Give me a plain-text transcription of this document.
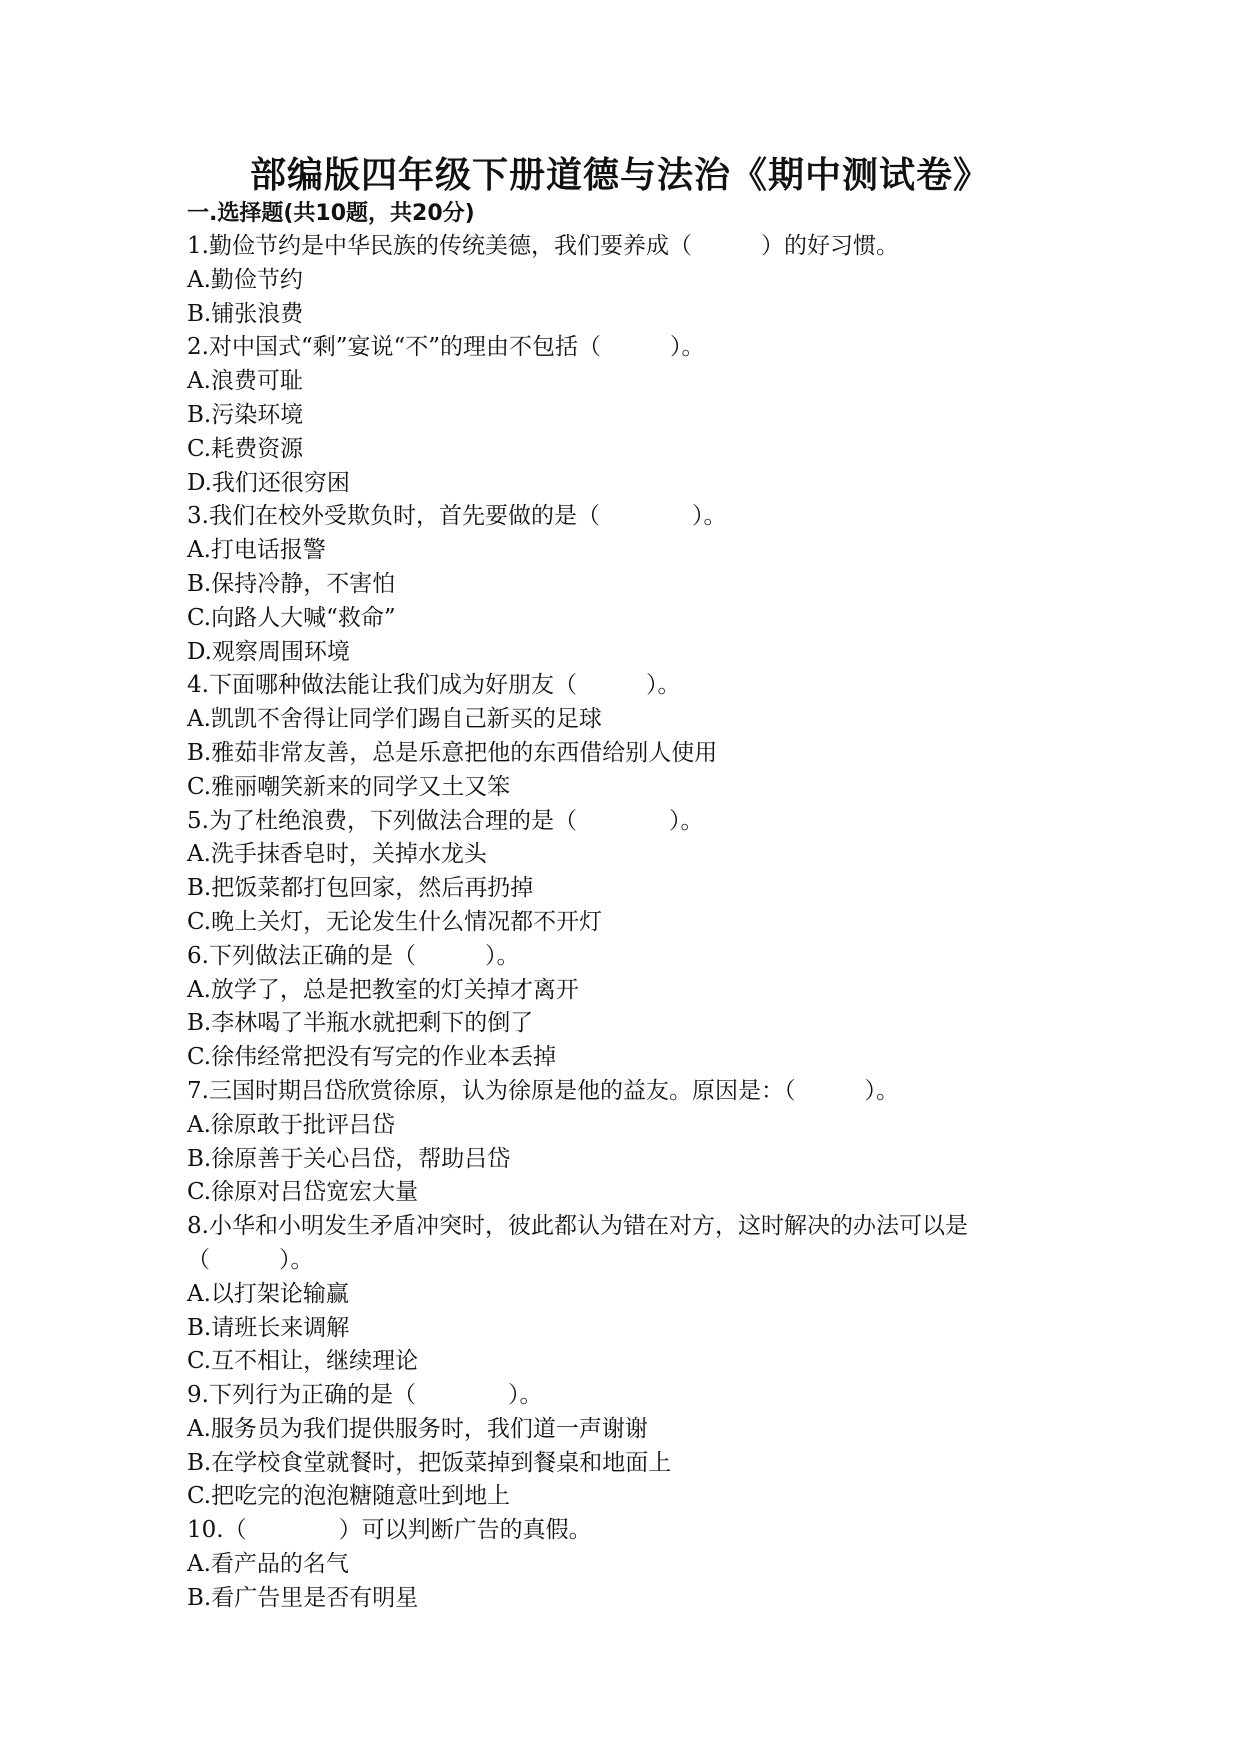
部编版四年级下册道德与法治《期中测试卷》
一.选择题(共10题，共20分)
1.勤俭节约是中华民族的传统美德，我们要养成（　　　）的好习惯。
A.勤俭节约
B.铺张浪费
2.对中国式“剩”宴说“不”的理由不包括（　　　）。
A.浪费可耻
B.污染环境
C.耗费资源
D.我们还很穷困
3.我们在校外受欺负时，首先要做的是（　　　　）。
A.打电话报警
B.保持冷静，不害怕
C.向路人大喊“救命”
D.观察周围环境
4.下面哪种做法能让我们成为好朋友（　　　）。
A.凯凯不舍得让同学们踢自己新买的足球
B.雅茹非常友善，总是乐意把他的东西借给别人使用
C.雅丽嘲笑新来的同学又土又笨
5.为了杜绝浪费，下列做法合理的是（　　　　）。
A.洗手抹香皂时，关掉水龙头
B.把饭菜都打包回家，然后再扔掉
C.晚上关灯，无论发生什么情况都不开灯
6.下列做法正确的是（　　　）。
A.放学了，总是把教室的灯关掉才离开
B.李林喝了半瓶水就把剩下的倒了
C.徐伟经常把没有写完的作业本丢掉
7.三国时期吕岱欣赏徐原，认为徐原是他的益友。原因是：（　　　）。
A.徐原敢于批评吕岱
B.徐原善于关心吕岱，帮助吕岱
C.徐原对吕岱宽宏大量
8.小华和小明发生矛盾冲突时，彼此都认为错在对方，这时解决的办法可以是（　　　）。
A.以打架论输赢
B.请班长来调解
C.互不相让，继续理论
9.下列行为正确的是（　　　　）。
A.服务员为我们提供服务时，我们道一声谢谢
B.在学校食堂就餐时，把饭菜掉到餐桌和地面上
C.把吃完的泡泡糖随意吐到地上
10.（　　　　）可以判断广告的真假。
A.看产品的名气
B.看广告里是否有明星
